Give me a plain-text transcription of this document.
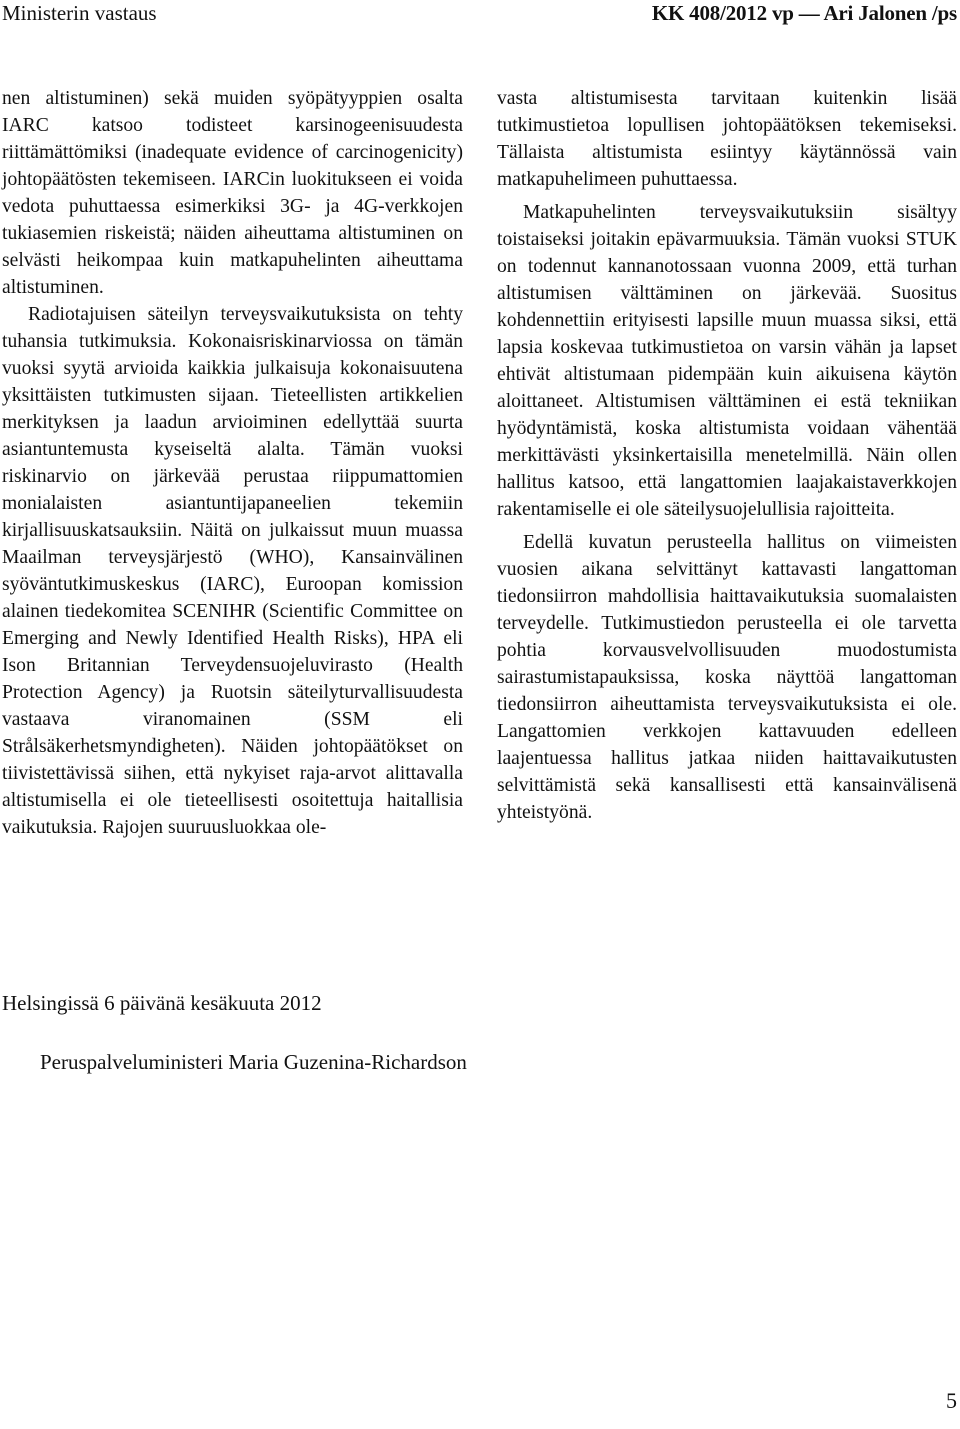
Ministerin vastaus	KK 408/2012 vp — Ari Jalonen /ps

nen altistuminen) sekä muiden syöpätyyppien osalta IARC katsoo todisteet karsinogeenisuudesta riittämättömiksi (inadequate evidence of carcinogenicity) johtopäätösten tekemiseen. IARCin luokitukseen ei voida vedota puhuttaessa esimerkiksi 3G- ja 4G-verkkojen tukiasemien riskeistä; näiden aiheuttama altistuminen on selvästi heikompaa kuin matkapuhelinten aiheuttama altistuminen.

Radiotajuisen säteilyn terveysvaikutuksista on tehty tuhansia tutkimuksia. Kokonaisriskinarviossa on tämän vuoksi syytä arvioida kaikkia julkaisuja kokonaisuutena yksittäisten tutkimusten sijaan. Tieteellisten artikkelien merkityksen ja laadun arvioiminen edellyttää suurta asiantuntemusta kyseiseltä alalta. Tämän vuoksi riskinarvio on järkevää perustaa riippumattomien monialaisten asiantuntijapaneelien tekemiin kirjallisuuskatsauksiin. Näitä on julkaissut muun muassa Maailman terveysjärjestö (WHO), Kansainvälinen syöväntutkimuskeskus (IARC), Euroopan komission alainen tiedekomitea SCENIHR (Scientific Committee on Emerging and Newly Identified Health Risks), HPA eli Ison Britannian Terveydensuojeluvirasto (Health Protection Agency) ja Ruotsin säteilyturvallisuudesta vastaava viranomainen (SSM eli Strålsäkerhetsmyndigheten). Näiden johtopäätökset on tiivistettävissä siihen, että nykyiset raja-arvot alittavalla altistumisella ei ole tieteellisesti osoitettuja haitallisia vaikutuksia. Rajojen suuruusluokkaa ole-

vasta altistumisesta tarvitaan kuitenkin lisää tutkimustietoa lopullisen johtopäätöksen tekemiseksi. Tällaista altistumista esiintyy käytännössä vain matkapuhelimeen puhuttaessa.

Matkapuhelinten terveysvaikutuksiin sisältyy toistaiseksi joitakin epävarmuuksia. Tämän vuoksi STUK on todennut kannanotossaan vuonna 2009, että turhan altistumisen välttäminen on järkevää. Suositus kohdennettiin erityisesti lapsille muun muassa siksi, että lapsia koskevaa tutkimustietoa on varsin vähän ja lapset ehtivät altistumaan pidempään kuin aikuisena käytön aloittaneet. Altistumisen välttäminen ei estä tekniikan hyödyntämistä, koska altistumista voidaan vähentää merkittävästi yksinkertaisilla menetelmillä. Näin ollen hallitus katsoo, että langattomien laajakaistaverkkojen rakentamiselle ei ole säteilysuojelullisia rajoitteita.

Edellä kuvatun perusteella hallitus on viimeisten vuosien aikana selvittänyt kattavasti langattoman tiedonsiirron mahdollisia haittavaikutuksia suomalaisten terveydelle. Tutkimustiedon perusteella ei ole tarvetta pohtia korvausvelvollisuuden muodostumista sairastumistapauksissa, koska näyttöä langattoman tiedonsiirron aiheuttamista terveysvaikutuksista ei ole. Langattomien verkkojen kattavuuden edelleen laajentuessa hallitus jatkaa niiden haittavaikutusten selvittämistä sekä kansallisesti että kansainvälisenä yhteistyönä.

Helsingissä 6 päivänä kesäkuuta 2012
Peruspalveluministeri Maria Guzenina-Richardson
5
